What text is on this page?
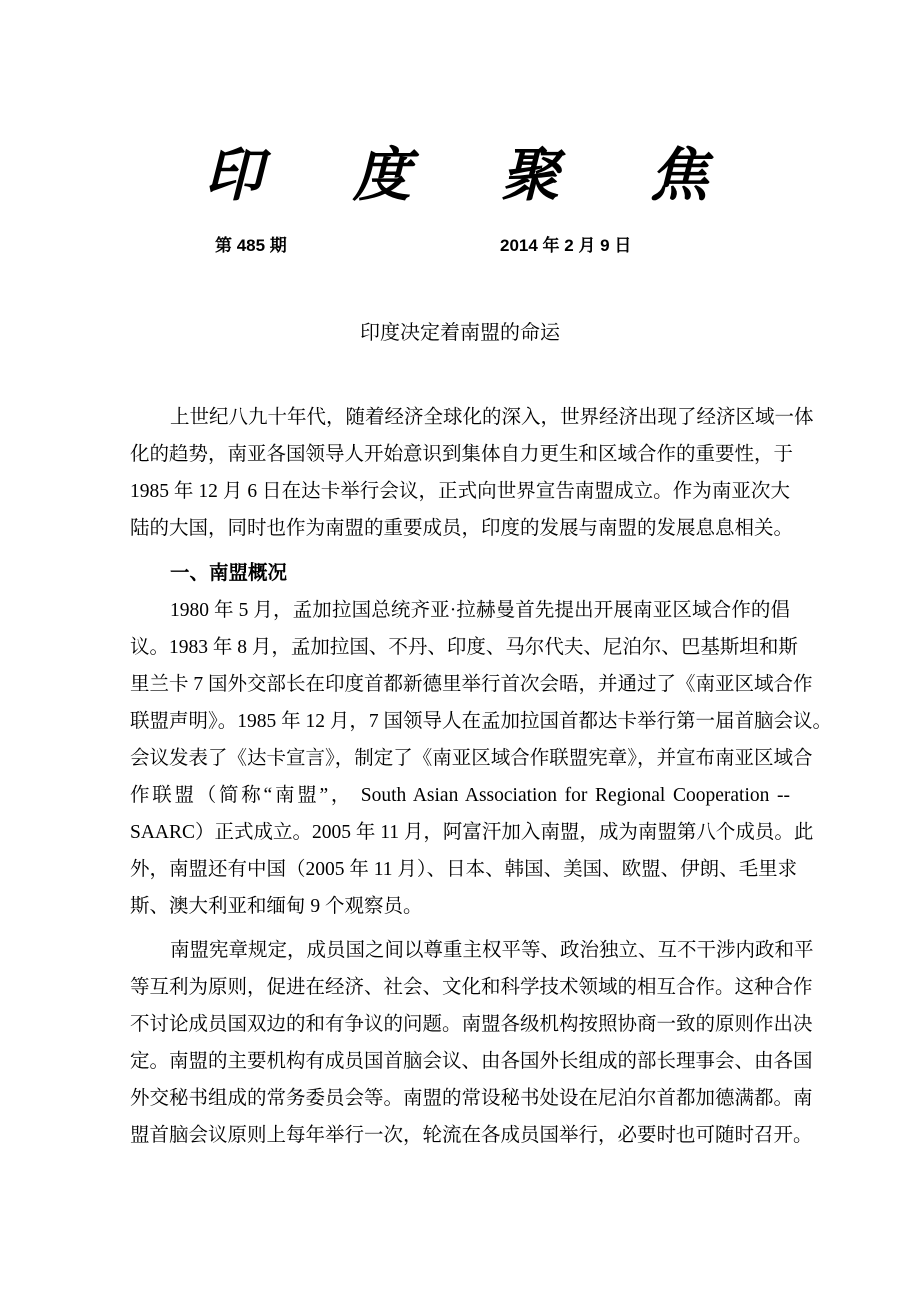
印 度 聚 焦
第 485 期	2014 年 2 月 9 日
印度决定着南盟的命运
上世纪八九十年代，随着经济全球化的深入，世界经济出现了经济区域一体
化的趋势，南亚各国领导人开始意识到集体自力更生和区域合作的重要性，于
1985 年 12 月 6 日在达卡举行会议，正式向世界宣告南盟成立。作为南亚次大
陆的大国，同时也作为南盟的重要成员，印度的发展与南盟的发展息息相关。
一、南盟概况
1980 年 5 月，孟加拉国总统齐亚·拉赫曼首先提出开展南亚区域合作的倡
议。1983 年 8 月，孟加拉国、不丹、印度、马尔代夫、尼泊尔、巴基斯坦和斯
里兰卡 7 国外交部长在印度首都新德里举行首次会晤，并通过了《南亚区域合作
联盟声明》。1985 年 12 月，7 国领导人在孟加拉国首都达卡举行第一届首脑会议。
会议发表了《达卡宣言》，制定了《南亚区域合作联盟宪章》，并宣布南亚区域合
作联盟（简称“南盟”， South Asian Association for Regional Cooperation --
SAARC）正式成立。2005 年 11 月，阿富汗加入南盟，成为南盟第八个成员。此
外，南盟还有中国（2005 年 11 月）、日本、韩国、美国、欧盟、伊朗、毛里求
斯、澳大利亚和缅甸 9 个观察员。
南盟宪章规定，成员国之间以尊重主权平等、政治独立、互不干涉内政和平
等互利为原则，促进在经济、社会、文化和科学技术领域的相互合作。这种合作
不讨论成员国双边的和有争议的问题。南盟各级机构按照协商一致的原则作出决
定。南盟的主要机构有成员国首脑会议、由各国外长组成的部长理事会、由各国
外交秘书组成的常务委员会等。南盟的常设秘书处设在尼泊尔首都加德满都。南
盟首脑会议原则上每年举行一次，轮流在各成员国举行，必要时也可随时召开。
